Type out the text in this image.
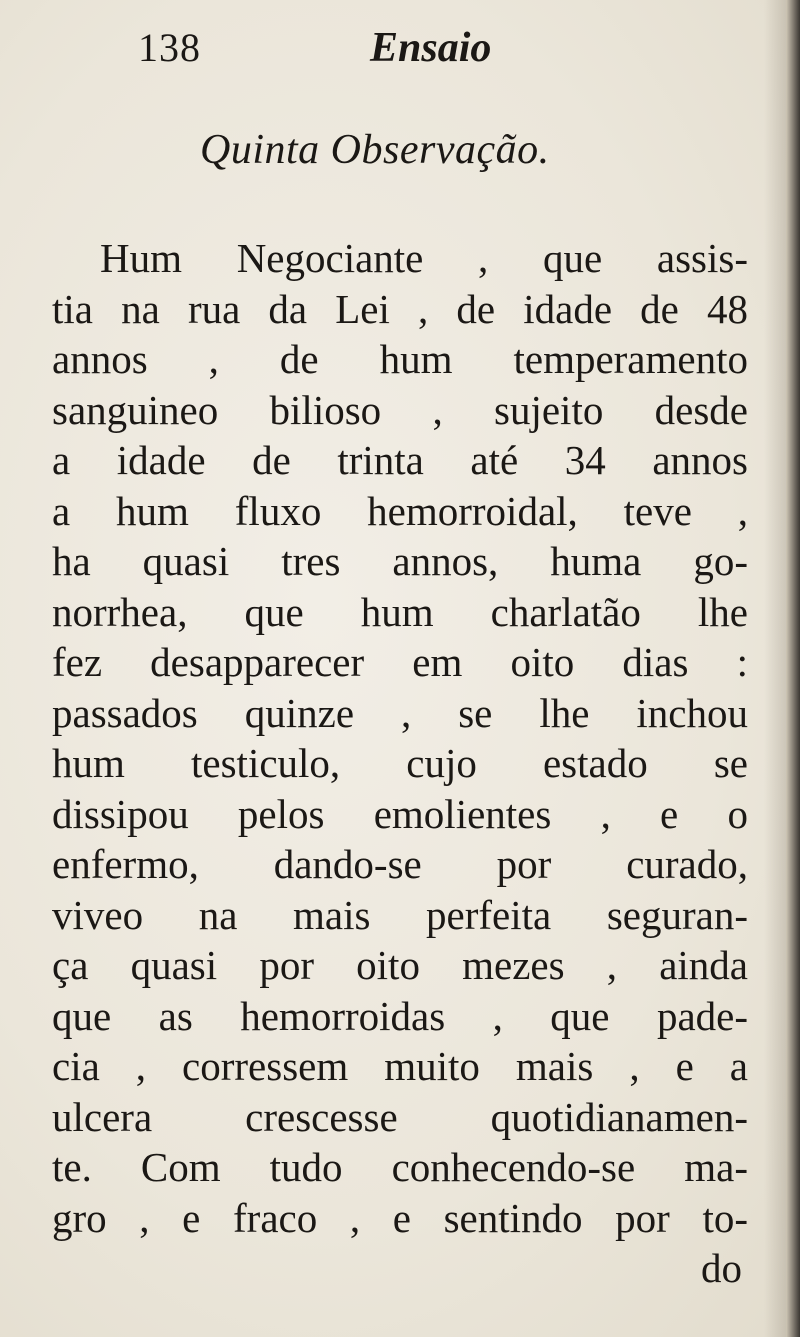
138	Ensaio
Quinta Observação.
Hum Negociante , que assis-
tia na rua da Lei , de idade de 48
annos , de hum temperamento
sanguineo bilioso , sujeito desde
a idade de trinta até 34 annos
a hum fluxo hemorroidal, teve ,
ha quasi tres annos, huma go-
norrhea, que hum charlatão lhe
fez desapparecer em oito dias :
passados quinze , se lhe inchou
hum testiculo, cujo estado se
dissipou pelos emolientes , e o
enfermo, dando-se por curado,
viveo na mais perfeita seguran-
ça quasi por oito mezes , ainda
que as hemorroidas , que pade-
cia , corressem muito mais , e a
ulcera crescesse quotidianamen-
te. Com tudo conhecendo-se ma-
gro , e fraco , e sentindo por to-
do
